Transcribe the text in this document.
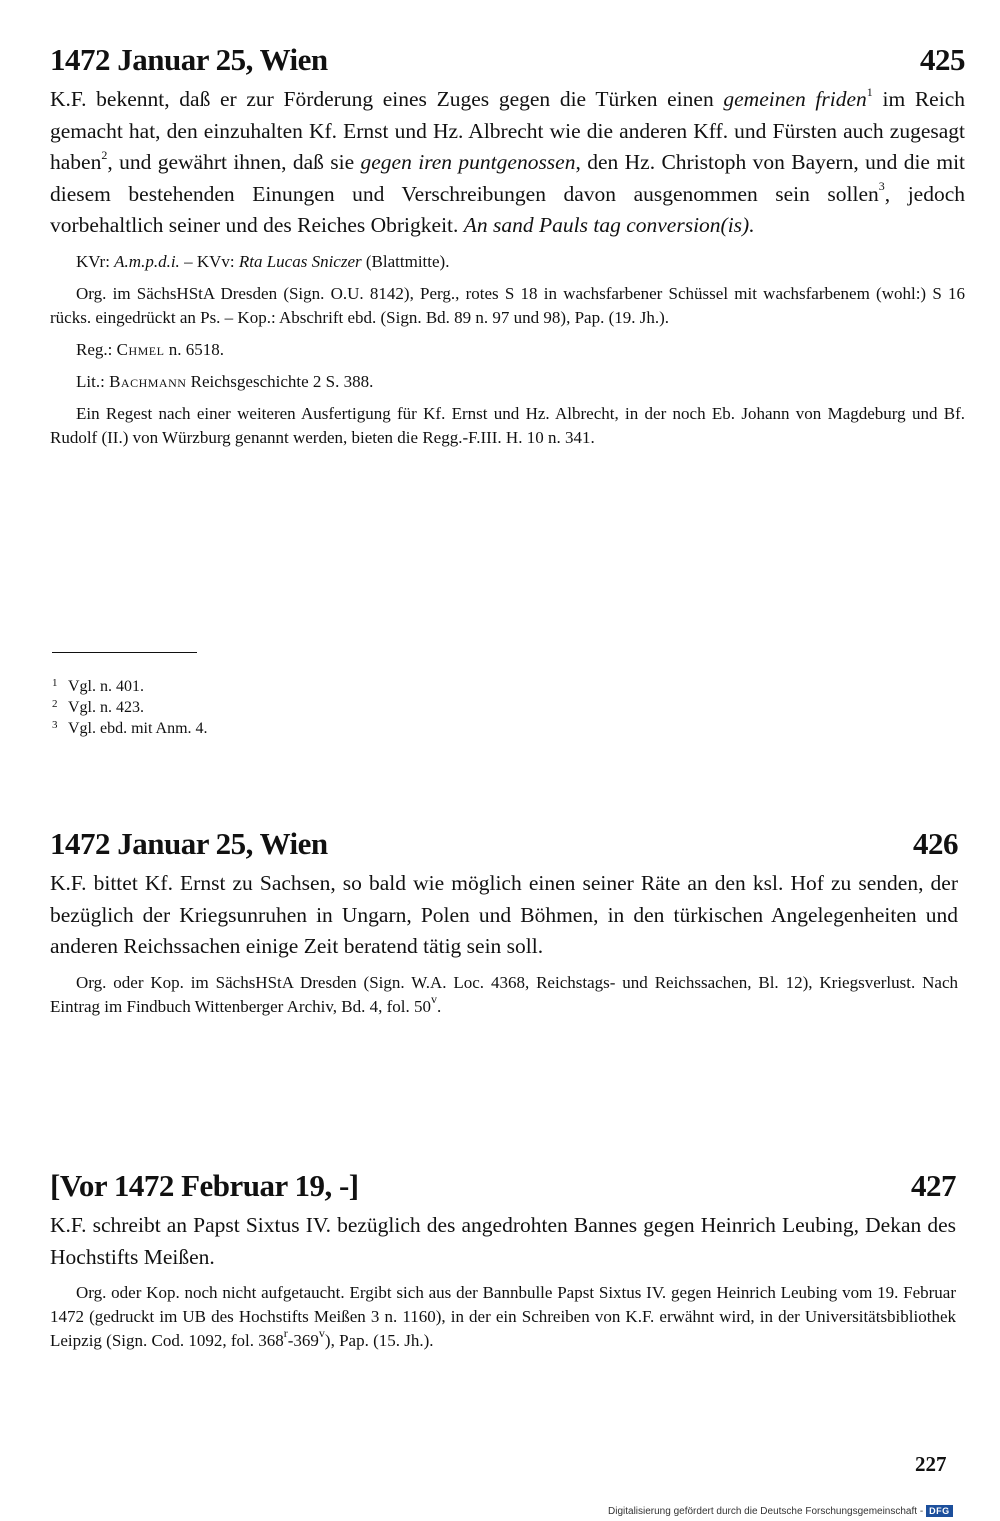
1472 Januar 25, Wien	425
K.F. bekennt, daß er zur Förderung eines Zuges gegen die Türken einen gemeinen friden$^1$ im Reich gemacht hat, den einzuhalten Kf. Ernst und Hz. Albrecht wie die anderen Kff. und Fürsten auch zugesagt haben$^2$, und gewährt ihnen, daß sie gegen iren puntgenossen, den Hz. Christoph von Bayern, und die mit diesem bestehenden Einungen und Verschreibungen davon ausgenommen sein sollen$^3$, jedoch vorbehaltlich seiner und des Reiches Obrigkeit. An sand Pauls tag conversion(is).
KVr: A.m.p.d.i. – KVv: Rta Lucas Sniczer (Blattmitte).
Org. im SächsHStA Dresden (Sign. O.U. 8142), Perg., rotes S 18 in wachsfarbener Schüssel mit wachsfarbenem (wohl:) S 16 rücks. eingedrückt an Ps. – Kop.: Abschrift ebd. (Sign. Bd. 89 n. 97 und 98), Pap. (19. Jh.).
Reg.: Chmel n. 6518.
Lit.: Bachmann Reichsgeschichte 2 S. 388.
Ein Regest nach einer weiteren Ausfertigung für Kf. Ernst und Hz. Albrecht, in der noch Eb. Johann von Magdeburg und Bf. Rudolf (II.) von Würzburg genannt werden, bieten die Regg.-F.III. H. 10 n. 341.
1 Vgl. n. 401.
2 Vgl. n. 423.
3 Vgl. ebd. mit Anm. 4.
1472 Januar 25, Wien	426
K.F. bittet Kf. Ernst zu Sachsen, so bald wie möglich einen seiner Räte an den ksl. Hof zu senden, der bezüglich der Kriegsunruhen in Ungarn, Polen und Böhmen, in den türkischen Angelegenheiten und anderen Reichssachen einige Zeit beratend tätig sein soll.
Org. oder Kop. im SächsHStA Dresden (Sign. W.A. Loc. 4368, Reichstags- und Reichssachen, Bl. 12), Kriegsverlust. Nach Eintrag im Findbuch Wittenberger Archiv, Bd. 4, fol. 50$^v$.
[Vor 1472 Februar 19, -]	427
K.F. schreibt an Papst Sixtus IV. bezüglich des angedrohten Bannes gegen Heinrich Leubing, Dekan des Hochstifts Meißen.
Org. oder Kop. noch nicht aufgetaucht. Ergibt sich aus der Bannbulle Papst Sixtus IV. gegen Heinrich Leubing vom 19. Februar 1472 (gedruckt im UB des Hochstifts Meißen 3 n. 1160), in der ein Schreiben von K.F. erwähnt wird, in der Universitätsbibliothek Leipzig (Sign. Cod. 1092, fol. 368$^r$-369$^v$), Pap. (15. Jh.).
227
Digitalisierung gefördert durch die Deutsche Forschungsgemeinschaft - DFG
